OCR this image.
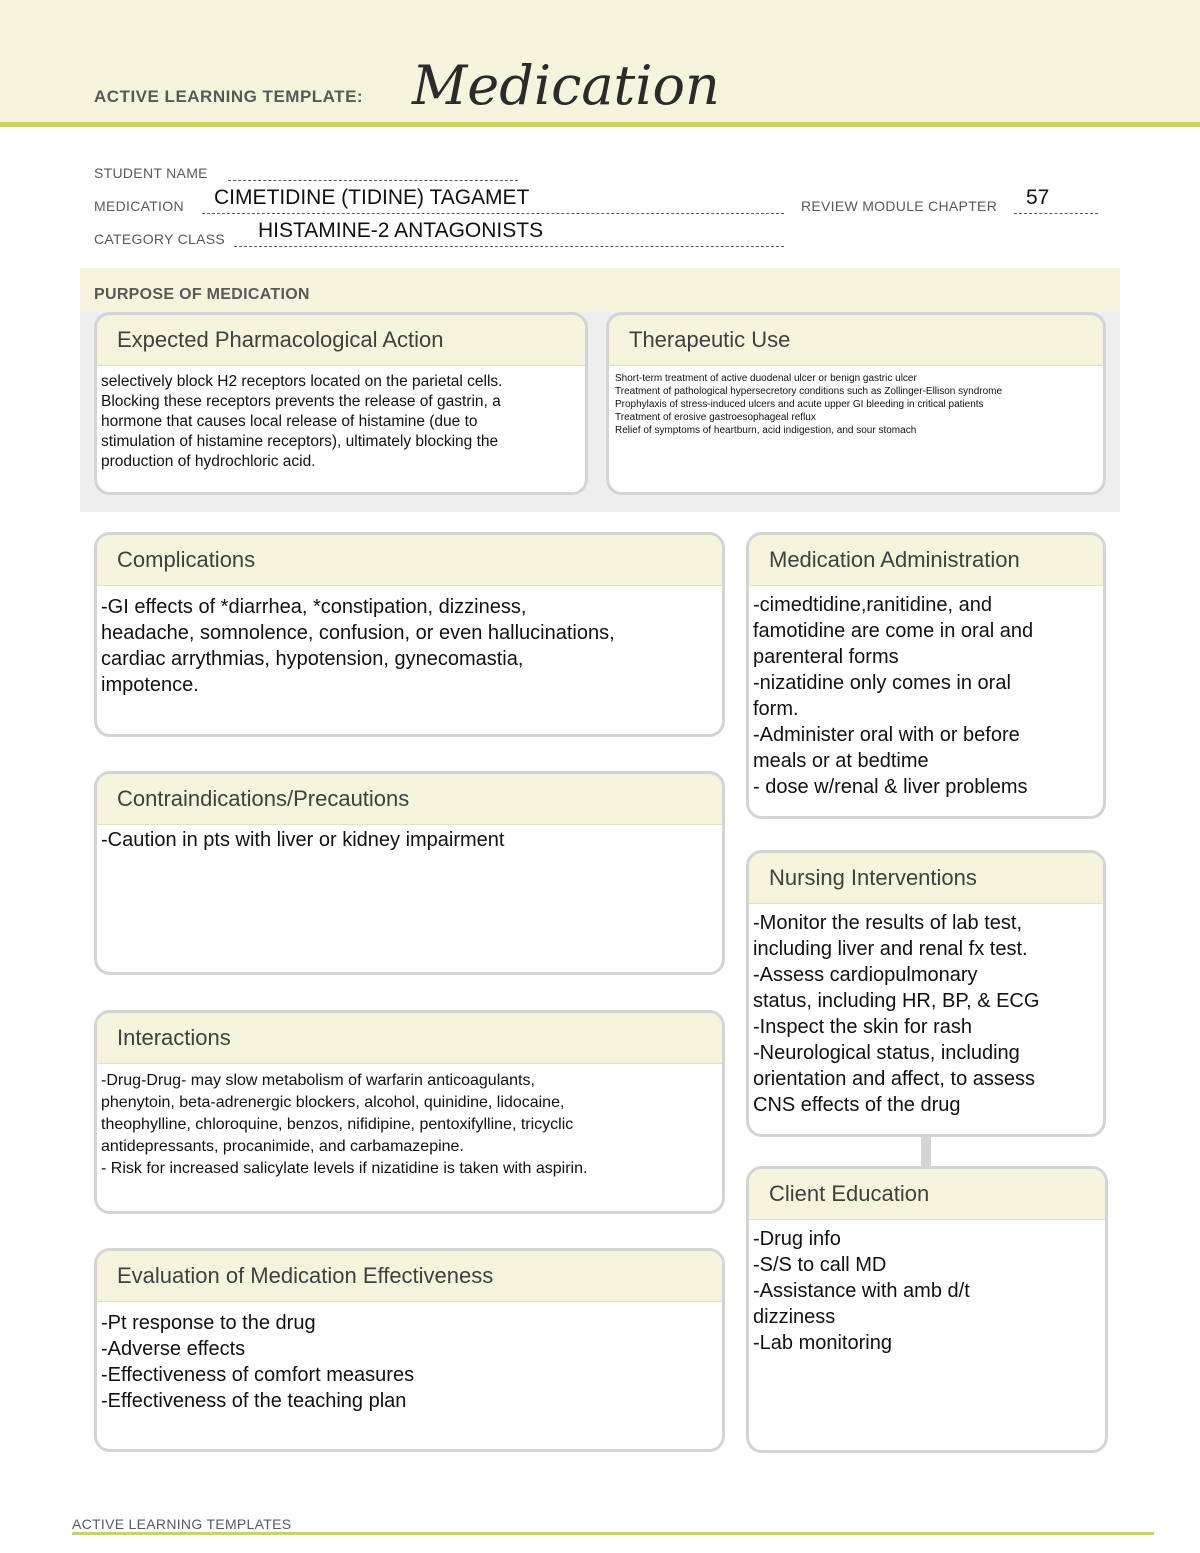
ACTIVE LEARNING TEMPLATE: Medication
STUDENT NAME
MEDICATION CIMETIDINE (TIDINE) TAGAMET	REVIEW MODULE CHAPTER 57
CATEGORY CLASS HISTAMINE-2 ANTAGONISTS
PURPOSE OF MEDICATION
Expected Pharmacological Action
selectively block H2 receptors located on the parietal cells.
Blocking these receptors prevents the release of gastrin, a
hormone that causes local release of histamine (due to
stimulation of histamine receptors), ultimately blocking the
production of hydrochloric acid.
Therapeutic Use
Short-term treatment of active duodenal ulcer or benign gastric ulcer
Treatment of pathological hypersecretory conditions such as Zollinger-Ellison syndrome
Prophylaxis of stress-induced ulcers and acute upper GI bleeding in critical patients
Treatment of erosive gastroesophageal reflux
Relief of symptoms of heartburn, acid indigestion, and sour stomach
Complications
-GI effects of *diarrhea, *constipation, dizziness,
headache, somnolence, confusion, or even hallucinations,
cardiac arrythmias, hypotension, gynecomastia,
impotence.
Contraindications/Precautions
-Caution in pts with liver or kidney impairment
Interactions
-Drug-Drug- may slow metabolism of warfarin anticoagulants,
phenytoin, beta-adrenergic blockers, alcohol, quinidine, lidocaine,
theophylline, chloroquine, benzos, nifidipine, pentoxifylline, tricyclic
antidepressants, procanimide, and carbamazepine.
- Risk for increased salicylate levels if nizatidine is taken with aspirin.
Evaluation of Medication Effectiveness
-Pt response to the drug
-Adverse effects
-Effectiveness of comfort measures
-Effectiveness of the teaching plan
Medication Administration
-cimedtidine,ranitidine, and
famotidine are come in oral and
parenteral forms
-nizatidine only comes in oral
form.
-Administer oral with or before
meals or at bedtime
- dose w/renal & liver problems
Nursing Interventions
-Monitor the results of lab test,
including liver and renal fx test.
-Assess cardiopulmonary
status, including HR, BP, & ECG
-Inspect the skin for rash
-Neurological status, including
orientation and affect, to assess
CNS effects of the drug
Client Education
-Drug info
-S/S to call MD
-Assistance with amb d/t
dizziness
-Lab monitoring
ACTIVE LEARNING TEMPLATES
